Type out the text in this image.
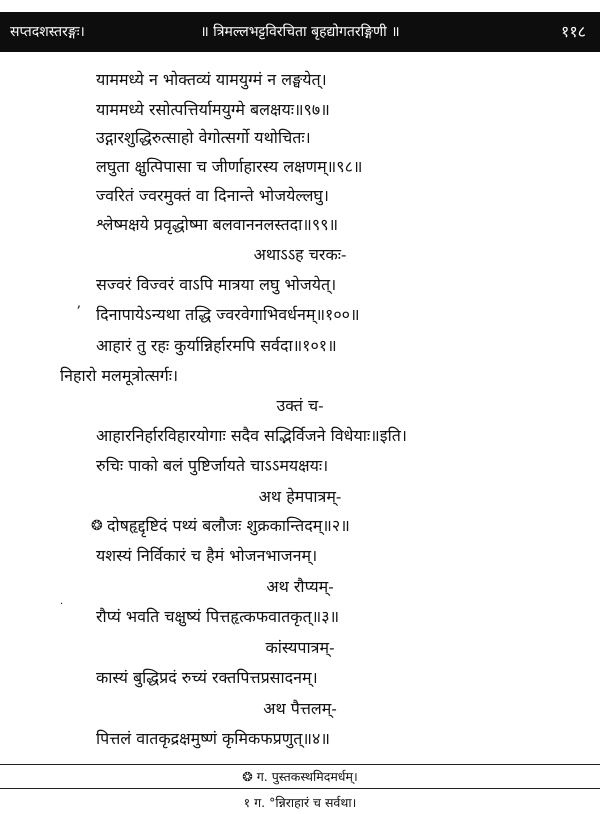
सप्तदशस्तरङ्गः।	॥ त्रिमल्लभट्टविरचिता बृहद्योगतरङ्गिणी ॥	११८
याममध्ये न भोक्तव्यं यामयुग्मं न लङ्घयेत्।
याममध्ये रसोत्पत्तिर्यामयुग्मे बलक्षयः॥९७॥
उद्गारशुद्धिरुत्साहो वेगोत्सर्गो यथोचितः।
लघुता क्षुत्पिपासा च जीर्णाहारस्य लक्षणम्॥९८॥
ज्वरितं ज्वरमुक्तं वा दिनान्ते भोजयेल्लघु।
श्लेष्मक्षये प्रवृद्धोष्मा बलवाननलस्तदा॥९९॥
अथाऽऽह चरकः-
सज्वरं विज्वरं वाऽपि मात्रया लघु भोजयेत्।
ʼ दिनापायेऽन्यथा तद्धि ज्वरवेगाभिवर्धनम्॥१००॥
आहारं तु रहः कुर्यान्निर्हारमपि सर्वदा॥१०१॥
निहारो मलमूत्रोत्सर्गः।
उक्तं च-
आहारनिर्हारविहारयोगाः सदैव सद्भिर्विजने विधेयाः॥इति।
रुचिः पाको बलं पुष्टिर्जायते चाऽऽमयक्षयः।
अथ हेमपात्रम्-
❂ दोषहृद्दृष्टिदं पथ्यं बलौजः शुक्रकान्तिदम्॥२॥
यशस्यं निर्विकारं च हैमं भोजनभाजनम्।
अथ रौप्यम्-
·
रौप्यं भवति चक्षुष्यं पित्तहृत्कफवातकृत्॥३॥
कांस्यपात्रम्-
कास्यं बुद्धिप्रदं रुच्यं रक्तपित्तप्रसादनम्।
अथ पैत्तलम्-
पित्तलं वातकृद्रक्षमुष्णं कृमिकफप्रणुत्॥४॥
❂ ग. पुस्तकस्थमिदमर्धम्।
१ ग. °न्निराहारं च सर्वथा।
